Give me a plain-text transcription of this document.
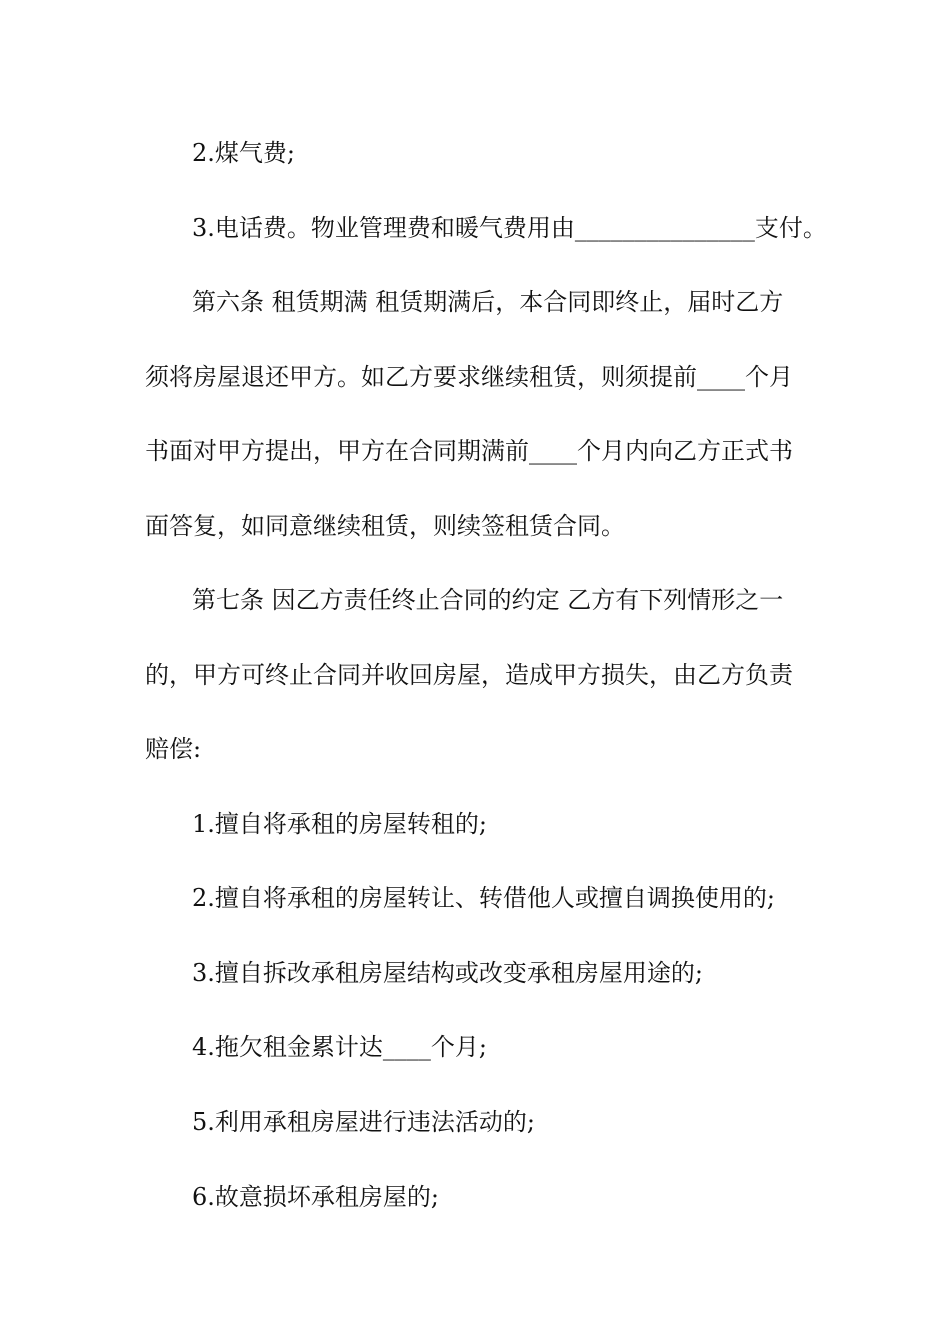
2.煤气费;
3.电话费。物业管理费和暖气费用由_______________支付。
第六条 租赁期满 租赁期满后，本合同即终止，届时乙方
须将房屋退还甲方。如乙方要求继续租赁，则须提前____个月
书面对甲方提出，甲方在合同期满前____个月内向乙方正式书
面答复，如同意继续租赁，则续签租赁合同。
第七条 因乙方责任终止合同的约定 乙方有下列情形之一
的，甲方可终止合同并收回房屋，造成甲方损失，由乙方负责
赔偿:
1.擅自将承租的房屋转租的;
2.擅自将承租的房屋转让、转借他人或擅自调换使用的;
3.擅自拆改承租房屋结构或改变承租房屋用途的;
4.拖欠租金累计达____个月;
5.利用承租房屋进行违法活动的;
6.故意损坏承租房屋的;
